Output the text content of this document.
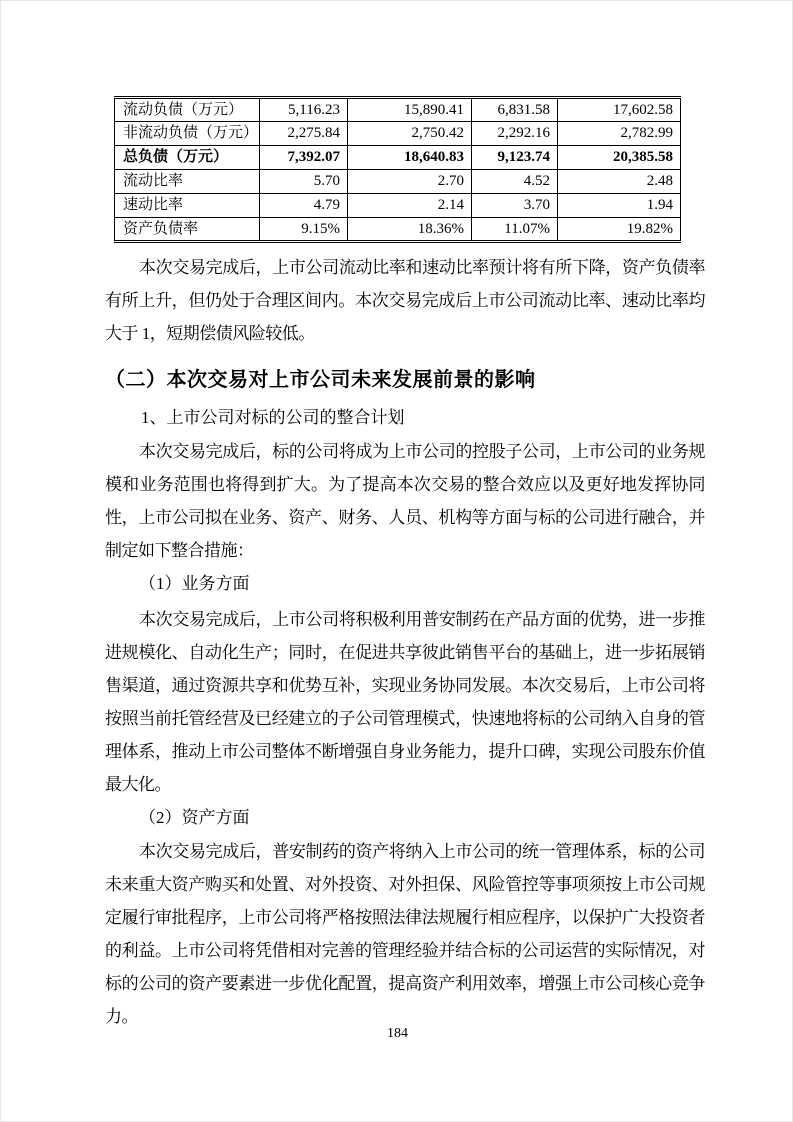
流动负债（万元）	5,116.23	15,890.41	6,831.58	17,602.58
非流动负债（万元）	2,275.84	2,750.42	2,292.16	2,782.99
总负债（万元）	7,392.07	18,640.83	9,123.74	20,385.58
流动比率	5.70	2.70	4.52	2.48
速动比率	4.79	2.14	3.70	1.94
资产负债率	9.15%	18.36%	11.07%	19.82%

本次交易完成后，上市公司流动比率和速动比率预计将有所下降，资产负债率有所上升，但仍处于合理区间内。本次交易完成后上市公司流动比率、速动比率均大于 1，短期偿债风险较低。

（二）本次交易对上市公司未来发展前景的影响
1、上市公司对标的公司的整合计划

本次交易完成后，标的公司将成为上市公司的控股子公司，上市公司的业务规模和业务范围也将得到扩大。为了提高本次交易的整合效应以及更好地发挥协同性，上市公司拟在业务、资产、财务、人员、机构等方面与标的公司进行融合，并制定如下整合措施：

（1）业务方面

本次交易完成后，上市公司将积极利用普安制药在产品方面的优势，进一步推进规模化、自动化生产；同时，在促进共享彼此销售平台的基础上，进一步拓展销售渠道，通过资源共享和优势互补，实现业务协同发展。本次交易后，上市公司将按照当前托管经营及已经建立的子公司管理模式，快速地将标的公司纳入自身的管理体系，推动上市公司整体不断增强自身业务能力，提升口碑，实现公司股东价值最大化。

（2）资产方面

本次交易完成后，普安制药的资产将纳入上市公司的统一管理体系，标的公司未来重大资产购买和处置、对外投资、对外担保、风险管控等事项须按上市公司规定履行审批程序，上市公司将严格按照法律法规履行相应程序，以保护广大投资者的利益。上市公司将凭借相对完善的管理经验并结合标的公司运营的实际情况，对标的公司的资产要素进一步优化配置，提高资产利用效率，增强上市公司核心竞争力。

184
